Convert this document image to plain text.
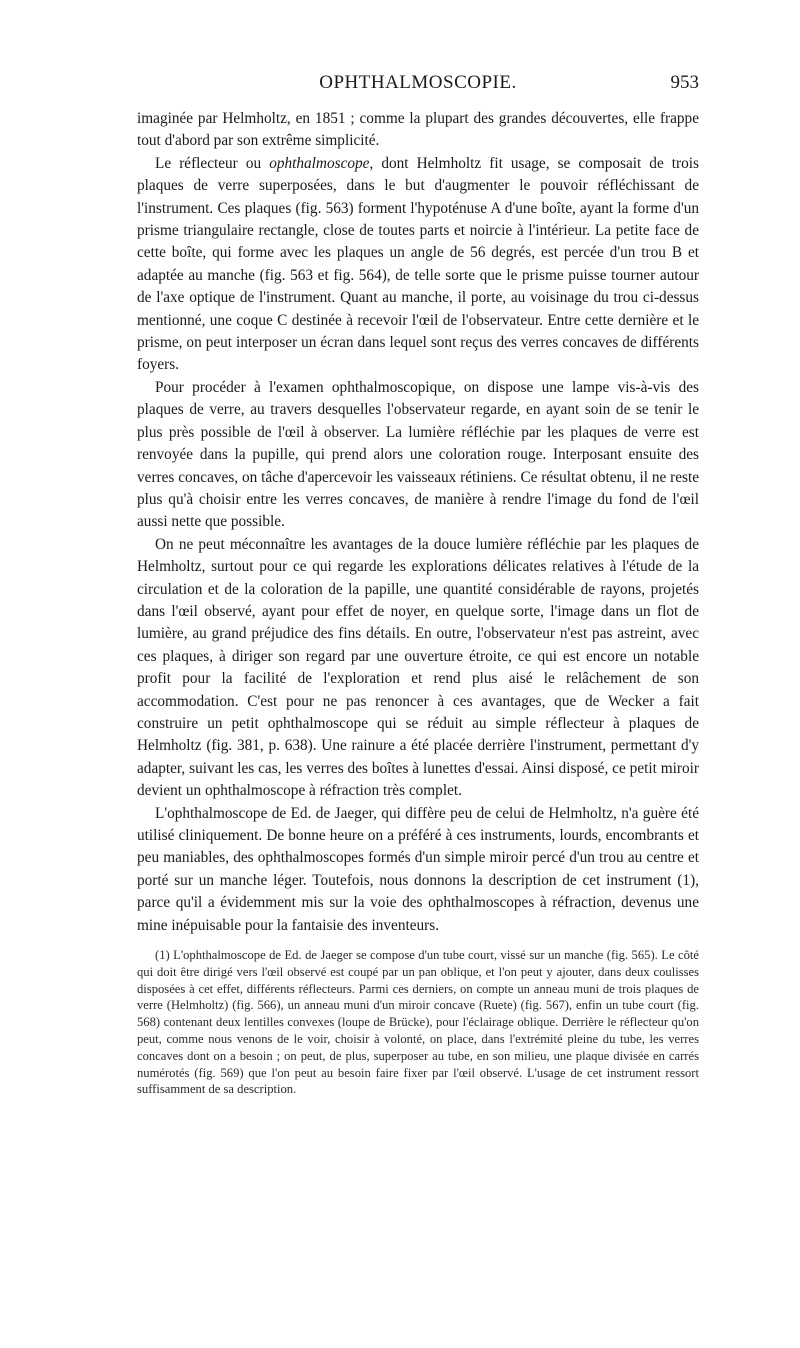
OPHTHALMOSCOPIE.	953

imaginée par Helmholtz, en 1851 ; comme la plupart des grandes découvertes, elle frappe tout d'abord par son extrême simplicité.

Le réflecteur ou ophthalmoscope, dont Helmholtz fit usage, se composait de trois plaques de verre superposées, dans le but d'augmenter le pouvoir réfléchissant de l'instrument. Ces plaques (fig. 563) forment l'hypoténuse A d'une boîte, ayant la forme d'un prisme triangulaire rectangle, close de toutes parts et noircie à l'intérieur. La petite face de cette boîte, qui forme avec les plaques un angle de 56 degrés, est percée d'un trou B et adaptée au manche (fig. 563 et fig. 564), de telle sorte que le prisme puisse tourner autour de l'axe optique de l'instrument. Quant au manche, il porte, au voisinage du trou ci-dessus mentionné, une coque C destinée à recevoir l'œil de l'observateur. Entre cette dernière et le prisme, on peut interposer un écran dans lequel sont reçus des verres concaves de différents foyers.

Pour procéder à l'examen ophthalmoscopique, on dispose une lampe vis-à-vis des plaques de verre, au travers desquelles l'observateur regarde, en ayant soin de se tenir le plus près possible de l'œil à observer. La lumière réfléchie par les plaques de verre est renvoyée dans la pupille, qui prend alors une coloration rouge. Interposant ensuite des verres concaves, on tâche d'apercevoir les vaisseaux rétiniens. Ce résultat obtenu, il ne reste plus qu'à choisir entre les verres concaves, de manière à rendre l'image du fond de l'œil aussi nette que possible.

On ne peut méconnaître les avantages de la douce lumière réfléchie par les plaques de Helmholtz, surtout pour ce qui regarde les explorations délicates relatives à l'étude de la circulation et de la coloration de la papille, une quantité considérable de rayons, projetés dans l'œil observé, ayant pour effet de noyer, en quelque sorte, l'image dans un flot de lumière, au grand préjudice des fins détails. En outre, l'observateur n'est pas astreint, avec ces plaques, à diriger son regard par une ouverture étroite, ce qui est encore un notable profit pour la facilité de l'exploration et rend plus aisé le relâchement de son accommodation. C'est pour ne pas renoncer à ces avantages, que de Wecker a fait construire un petit ophthalmoscope qui se réduit au simple réflecteur à plaques de Helmholtz (fig. 381, p. 638). Une rainure a été placée derrière l'instrument, permettant d'y adapter, suivant les cas, les verres des boîtes à lunettes d'essai. Ainsi disposé, ce petit miroir devient un ophthalmoscope à réfraction très complet.

L'ophthalmoscope de Ed. de Jaeger, qui diffère peu de celui de Helmholtz, n'a guère été utilisé cliniquement. De bonne heure on a préféré à ces instruments, lourds, encombrants et peu maniables, des ophthalmoscopes formés d'un simple miroir percé d'un trou au centre et porté sur un manche léger. Toutefois, nous donnons la description de cet instrument (1), parce qu'il a évidemment mis sur la voie des ophthalmoscopes à réfraction, devenus une mine inépuisable pour la fantaisie des inventeurs.

(1) L'ophthalmoscope de Ed. de Jaeger se compose d'un tube court, vissé sur un manche (fig. 565). Le côté qui doit être dirigé vers l'œil observé est coupé par un pan oblique, et l'on peut y ajouter, dans deux coulisses disposées à cet effet, différents réflecteurs. Parmi ces derniers, on compte un anneau muni de trois plaques de verre (Helmholtz) (fig. 566), un anneau muni d'un miroir concave (Ruete) (fig. 567), enfin un tube court (fig. 568) contenant deux lentilles convexes (loupe de Brücke), pour l'éclairage oblique. Derrière le réflecteur qu'on peut, comme nous venons de le voir, choisir à volonté, on place, dans l'extrémité pleine du tube, les verres concaves dont on a besoin ; on peut, de plus, superposer au tube, en son milieu, une plaque divisée en carrés numérotés (fig. 569) que l'on peut au besoin faire fixer par l'œil observé. L'usage de cet instrument ressort suffisamment de sa description.
